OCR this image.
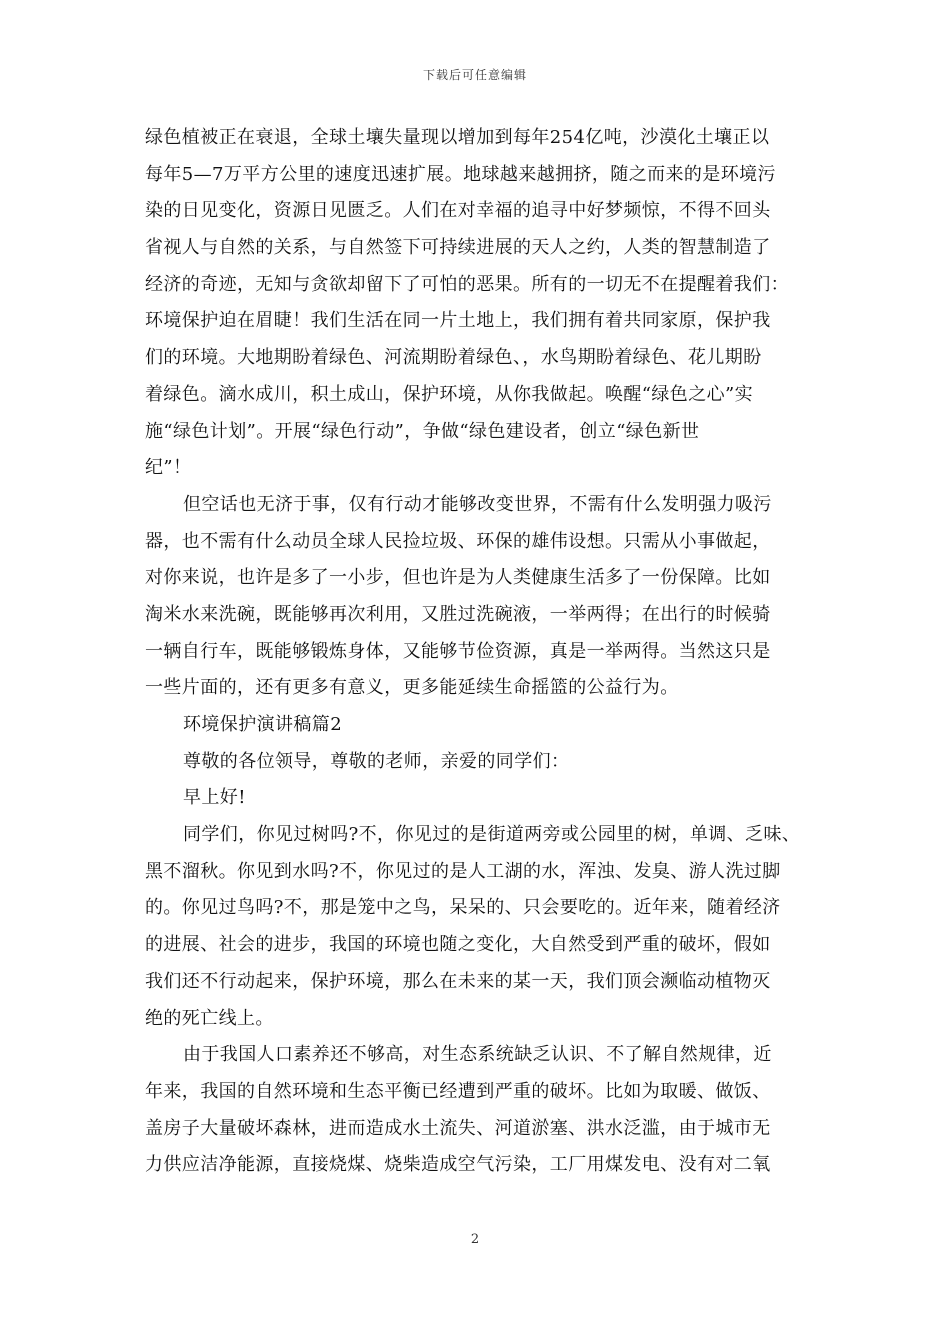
下载后可任意编辑
绿色植被正在衰退，全球土壤失量现以增加到每年254亿吨，沙漠化土壤正以
每年5—7万平方公里的速度迅速扩展。地球越来越拥挤，随之而来的是环境污
染的日见变化，资源日见匮乏。人们在对幸福的追寻中好梦频惊，不得不回头
省视人与自然的关系，与自然签下可持续进展的天人之约，人类的智慧制造了
经济的奇迹，无知与贪欲却留下了可怕的恶果。所有的一切无不在提醒着我们：
环境保护迫在眉睫！我们生活在同一片土地上，我们拥有着共同家原，保护我
们的环境。大地期盼着绿色、河流期盼着绿色、，水鸟期盼着绿色、花儿期盼
着绿色。滴水成川，积土成山，保护环境，从你我做起。唤醒“绿色之心”实
施“绿色计划”。开展“绿色行动”，争做“绿色建设者，创立“绿色新世
纪”！
但空话也无济于事，仅有行动才能够改变世界，不需有什么发明强力吸污
器，也不需有什么动员全球人民捡垃圾、环保的雄伟设想。只需从小事做起，
对你来说，也许是多了一小步，但也许是为人类健康生活多了一份保障。比如
淘米水来洗碗，既能够再次利用，又胜过洗碗液，一举两得；在出行的时候骑
一辆自行车，既能够锻炼身体，又能够节俭资源，真是一举两得。当然这只是
一些片面的，还有更多有意义，更多能延续生命摇篮的公益行为。
环境保护演讲稿篇2
尊敬的各位领导，尊敬的老师，亲爱的同学们：
早上好!
同学们，你见过树吗?不，你见过的是街道两旁或公园里的树，单调、乏味、
黑不溜秋。你见到水吗?不，你见过的是人工湖的水，浑浊、发臭、游人洗过脚
的。你见过鸟吗?不，那是笼中之鸟，呆呆的、只会要吃的。近年来，随着经济
的进展、社会的进步，我国的环境也随之变化，大自然受到严重的破坏，假如
我们还不行动起来，保护环境，那么在未来的某一天，我们顶会濒临动植物灭
绝的死亡线上。
由于我国人口素养还不够高，对生态系统缺乏认识、不了解自然规律，近
年来，我国的自然环境和生态平衡已经遭到严重的破坏。比如为取暖、做饭、
盖房子大量破坏森林，进而造成水土流失、河道淤塞、洪水泛滥，由于城市无
力供应洁净能源，直接烧煤、烧柴造成空气污染，工厂用煤发电、没有对二氧
2
